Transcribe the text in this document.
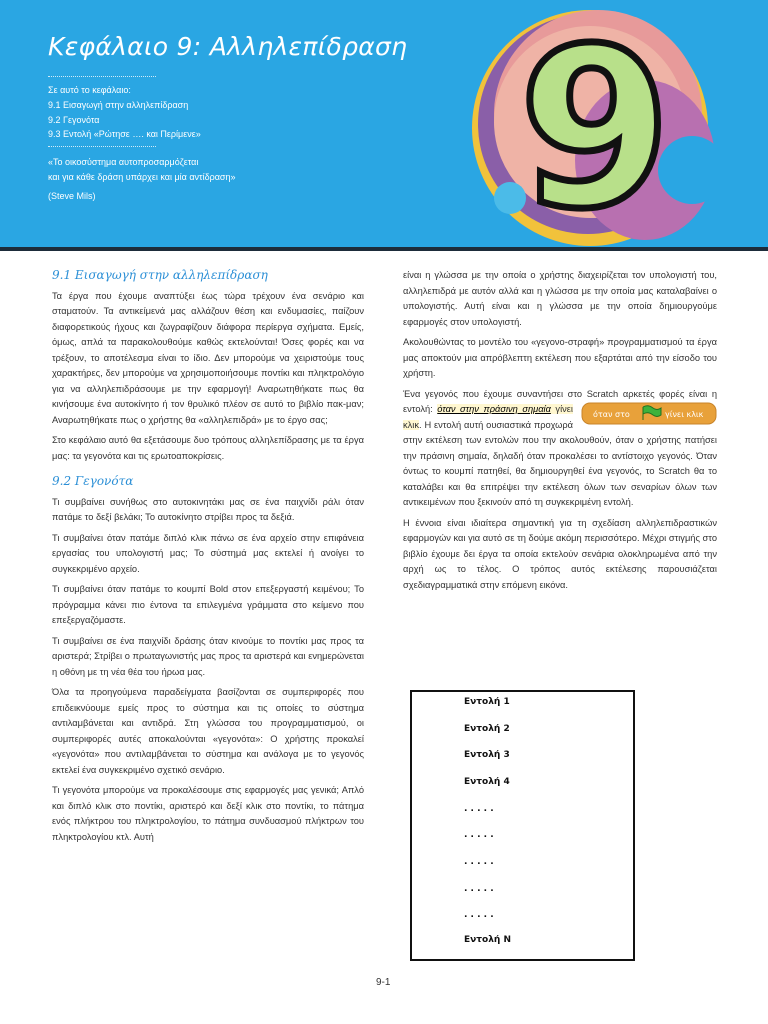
Κεφάλαιο 9: Αλληλεπίδραση
Σε αυτό το κεφάλαιο:
9.1 Εισαγωγή στην αλληλεπίδραση
9.2 Γεγονότα
9.3 Εντολή «Ρώτησε …. και Περίμενε»
«Το οικοσύστημα αυτοπροσαρμόζεται
και για κάθε δράση υπάρχει και μία αντίδραση»
(Steve Mils) 9

9.1 Εισαγωγή στην αλληλεπίδραση

Τα έργα που έχουμε αναπτύξει έως τώρα τρέχουν ένα σενάριο και σταματούν. Τα αντικείμενά μας αλλάζουν θέση και ενδυμασίες, παίζουν διαφορετικούς ήχους και ζωγραφίζουν διάφορα περίεργα σχήματα. Εμείς, όμως, απλά τα παρακολουθούμε καθώς εκτελούνται! Όσες φορές και να τρέξουν, το αποτέλεσμα είναι το ίδιο. Δεν μπορούμε να χειριστούμε τους χαρακτήρες, δεν μπορούμε να χρησιμοποιήσουμε ποντίκι και πληκτρολόγιο για να αλληλεπιδράσουμε με την εφαρμογή! Αναρωτηθήκατε πως θα κινήσουμε ένα αυτοκίνητο ή τον θρυλικό πλέον σε αυτό το βιβλίο πακ-μαν; Αναρωτηθήκατε πως ο χρήστης θα «αλληλεπιδρά» με το έργο σας;

Στο κεφάλαιο αυτό θα εξετάσουμε δυο τρόπους αλληλεπίδρασης με τα έργα μας: τα γεγονότα και τις ερωτοαποκρίσεις.

9.2 Γεγονότα

Τι συμβαίνει συνήθως στο αυτοκινητάκι μας σε ένα παιχνίδι ράλι όταν πατάμε το δεξί βελάκι; Το αυτοκίνητο στρίβει προς τα δεξιά.

Τι συμβαίνει όταν πατάμε διπλό κλικ πάνω σε ένα αρχείο στην επιφάνεια εργασίας του υπολογιστή μας; Το σύστημά μας εκτελεί ή ανοίγει το συγκεκριμένο αρχείο.

Τι συμβαίνει όταν πατάμε το κουμπί Bold στον επεξεργαστή κειμένου; Το πρόγραμμα κάνει πιο έντονα τα επιλεγμένα γράμματα στο κείμενο που επεξεργαζόμαστε.

Τι συμβαίνει σε ένα παιχνίδι δράσης όταν κινούμε το ποντίκι μας προς τα αριστερά; Στρίβει ο πρωταγωνιστής μας προς τα αριστερά και ενημερώνεται η οθόνη με τη νέα θέα του ήρωα μας.

Όλα τα προηγούμενα παραδείγματα βασίζονται σε συμπεριφορές που επιδεικνύουμε εμείς προς το σύστημα και τις οποίες το σύστημα αντιλαμβάνεται και αντιδρά. Στη γλώσσα του προγραμματισμού, οι συμπεριφορές αυτές αποκαλούνται «γεγονότα»: Ο χρήστης προκαλεί «γεγονότα» που αντιλαμβάνεται το σύστημα και ανάλογα με το γεγονός εκτελεί ένα συγκεκριμένο σχετικό σενάριο.

Τι γεγονότα μπορούμε να προκαλέσουμε στις εφαρμογές μας γενικά; Απλό και διπλό κλικ στο ποντίκι, αριστερό και δεξί κλικ στο ποντίκι, το πάτημα ενός πλήκτρου του πληκτρολογίου, το πάτημα συνδυασμού πλήκτρων του πληκτρολογίου κτλ. Αυτή

είναι η γλώσσα με την οποία ο χρήστης διαχειρίζεται τον υπολογιστή του, αλληλεπιδρά με αυτόν αλλά και η γλώσσα με την οποία μας καταλαβαίνει ο υπολογιστής. Αυτή είναι και η γλώσσα με την οποία δημιουργούμε εφαρμογές στον υπολογιστή.

Ακολουθώντας το μοντέλο του «γεγονο-στραφή» προγραμματισμού τα έργα μας αποκτούν μια απρόβλεπτη εκτέλεση που εξαρτάται από την είσοδο του χρήστη.

Ένα γεγονός που έχουμε συναντήσει στο Scratch αρκετές φορές είναι η εντολή:
όταν στο	γίνει κλικ
όταν στην πράσινη σημαία γίνει κλικ. Η εντολή αυτή ουσιαστικά προχωρά στην εκτέλεση των εντολών που την ακολουθούν, όταν ο χρήστης πατήσει την πράσινη σημαία, δηλαδή όταν προκαλέσει το αντίστοιχο γεγονός. Όταν όντως το κουμπί πατηθεί, θα δημιουργηθεί ένα γεγονός, το Scratch θα το καταλάβει και θα επιτρέψει την εκτέλεση όλων των σεναρίων όλων των αντικειμένων που ξεκινούν από τη συγκεκριμένη εντολή.

Η έννοια είναι ιδιαίτερα σημαντική για τη σχεδίαση αλληλεπιδραστικών εφαρμογών και για αυτό σε τη δούμε ακόμη περισσότερο. Μέχρι στιγμής στο βιβλίο έχουμε δει έργα τα οποία εκτελούν σενάρια ολοκληρωμένα από την αρχή ως το τέλος. Ο τρόπος αυτός εκτέλεσης παρουσιάζεται σχεδιαγραμματικά στην επόμενη εικόνα.

Εντολή 1
Εντολή 2
Εντολή 3
Εντολή 4
. . . . .
. . . . .
. . . . .
. . . . .
. . . . .
Εντολή N
9-1
